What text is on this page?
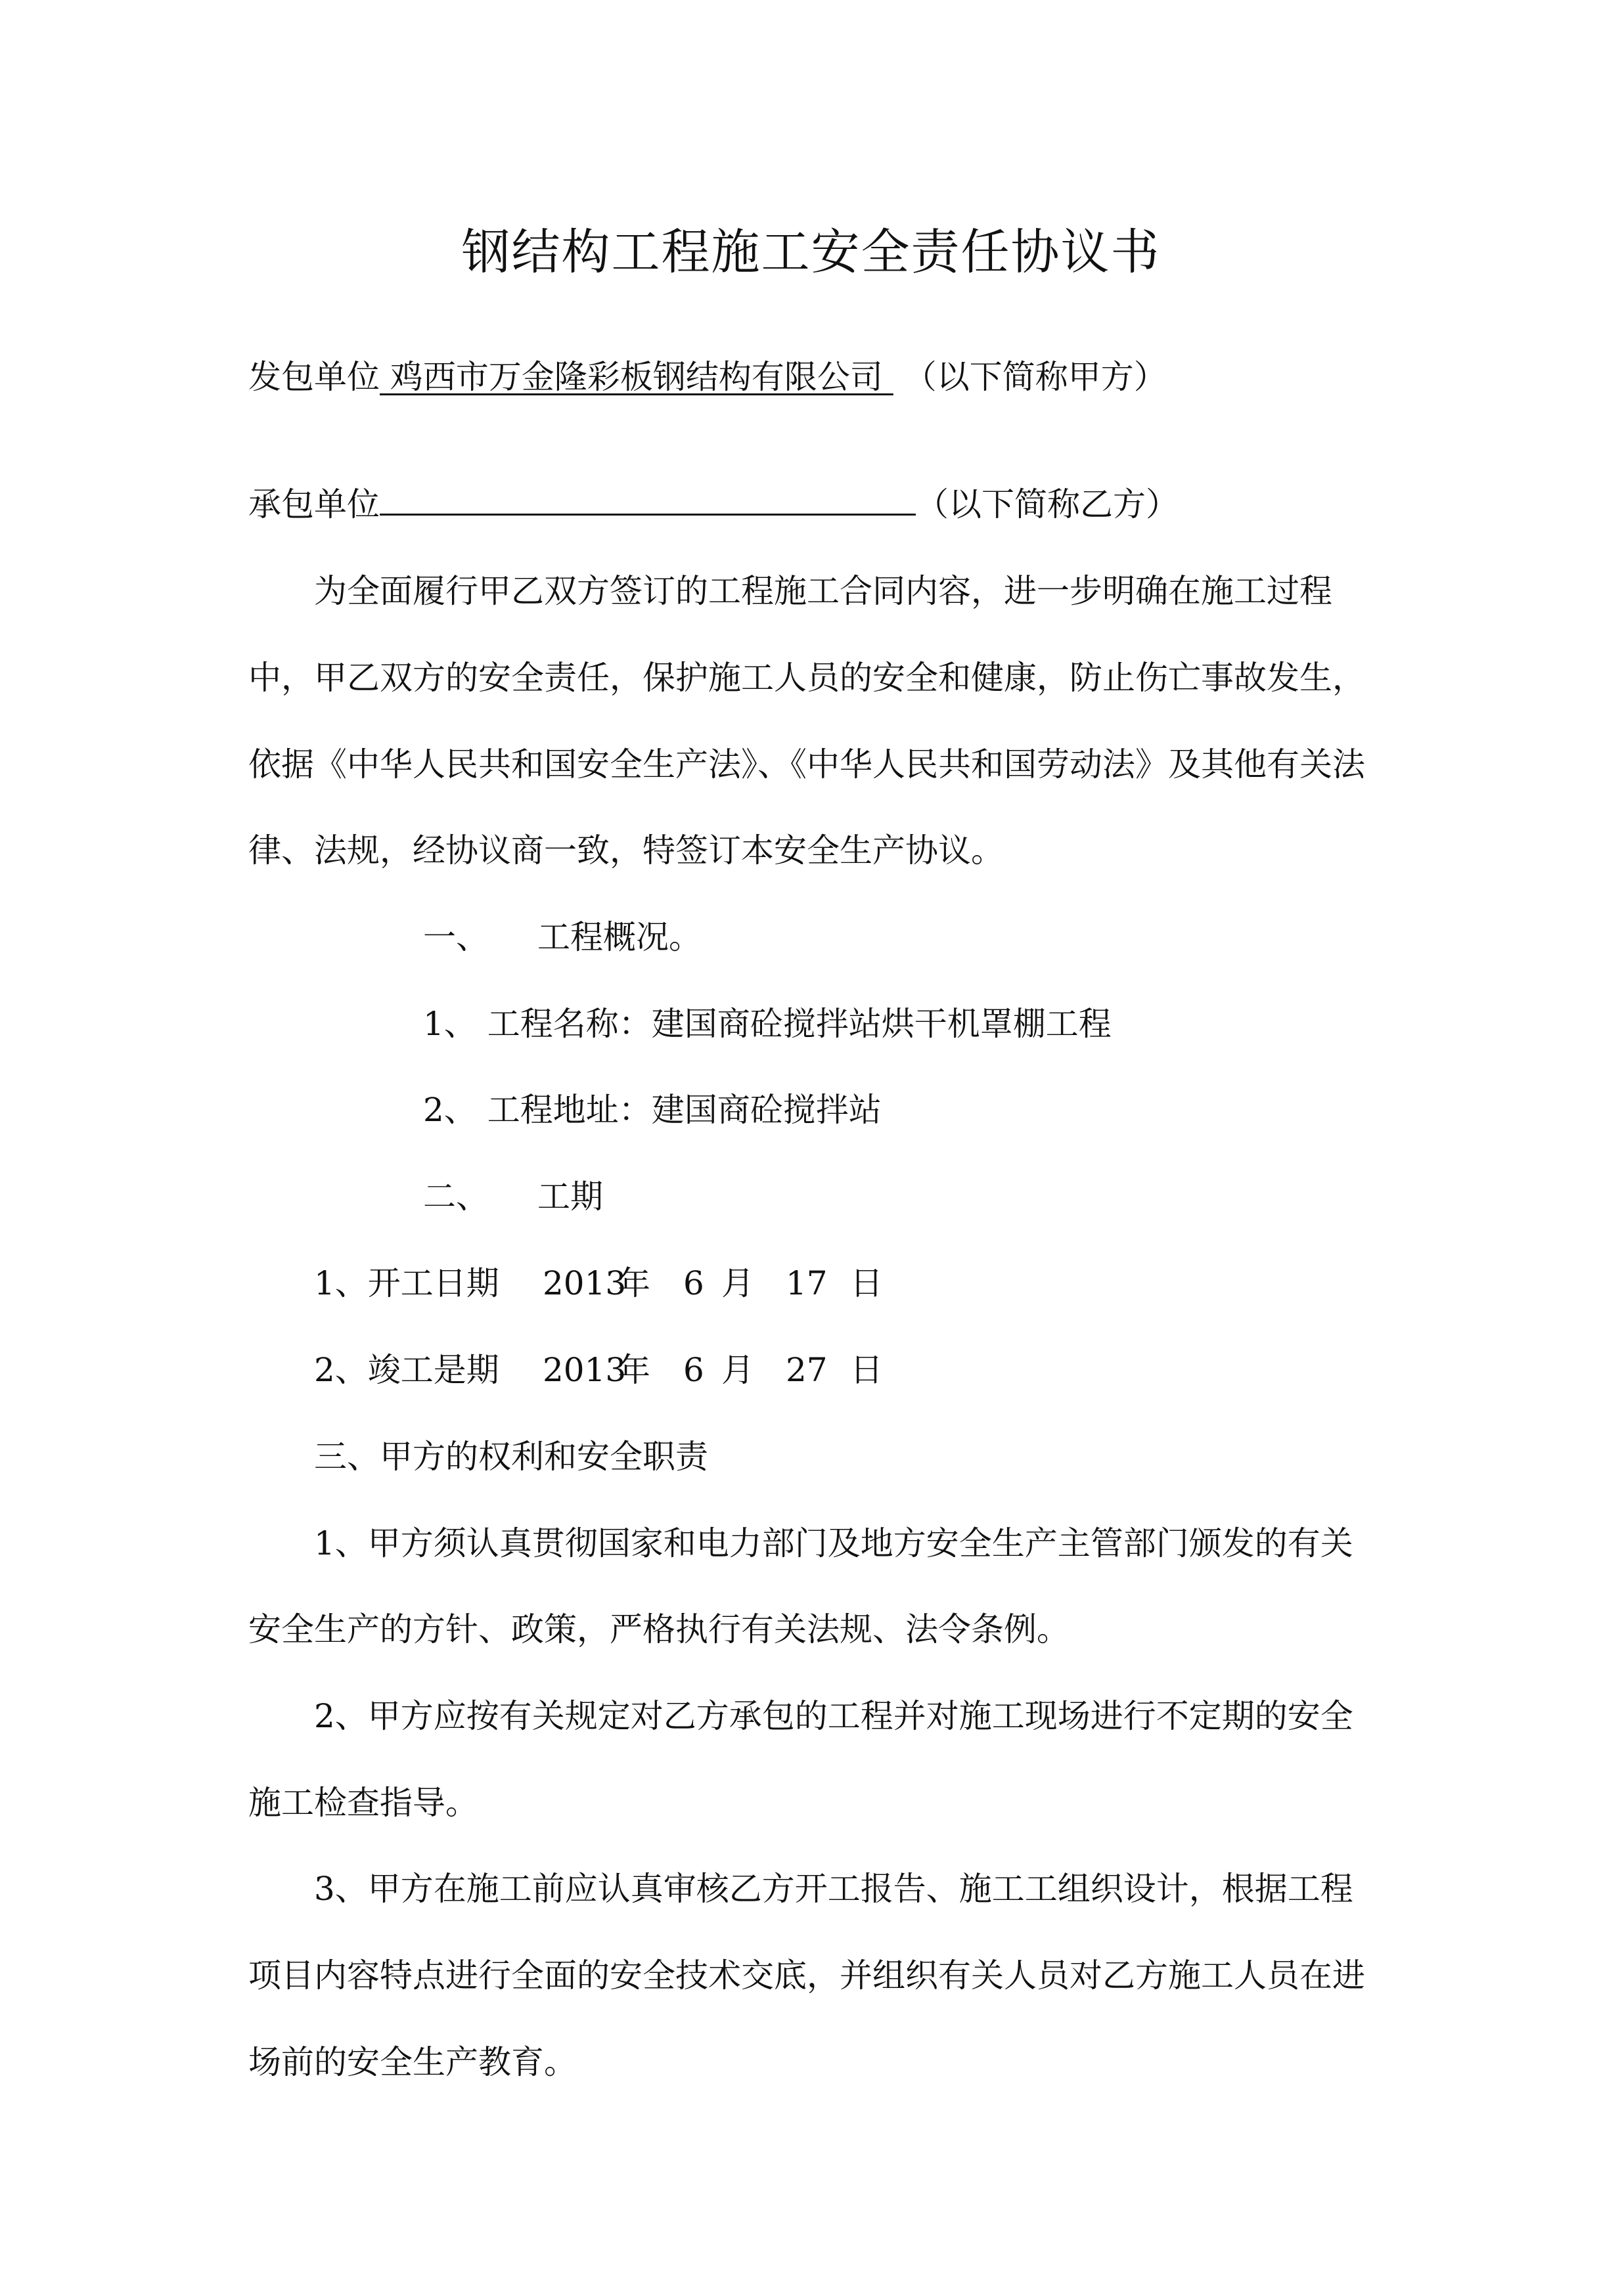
钢结构工程施工安全责任协议书
发包单位 鸡西市万金隆彩板钢结构有限公司 （以下简称甲方）
承包单位	（以下简称乙方）
为全面履行甲乙双方签订的工程施工合同内容，进一步明确在施工过程
中，甲乙双方的安全责任，保护施工人员的安全和健康，防止伤亡事故发生，
依据《中华人民共和国安全生产法》、《中华人民共和国劳动法》及其他有关法
律、法规，经协议商一致，特签订本安全生产协议。
一、 工程概况。
1、 工程名称：建国商砼搅拌站烘干机罩棚工程
2、 工程地址：建国商砼搅拌站
二、 工期
1、开工日期 2013
年 6 月 17 日
2、竣工是期 2013
年 6 月 27 日
三、甲方的权利和安全职责
1、甲方须认真贯彻国家和电力部门及地方安全生产主管部门颁发的有关
安全生产的方针、政策，严格执行有关法规、法令条例。
2、甲方应按有关规定对乙方承包的工程并对施工现场进行不定期的安全
施工检查指导。
3、甲方在施工前应认真审核乙方开工报告、施工工组织设计，根据工程
项目内容特点进行全面的安全技术交底，并组织有关人员对乙方施工人员在进
场前的安全生产教育。
